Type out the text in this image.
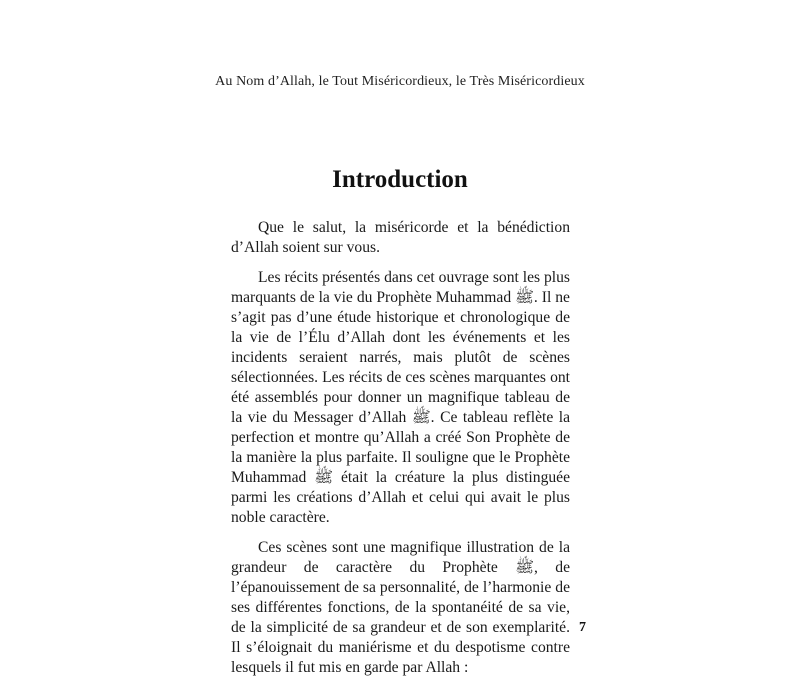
Au Nom d’Allah, le Tout Miséricordieux, le Très Miséricordieux
Introduction

Que le salut, la miséricorde et la bénédiction d’Allah soient sur vous.

Les récits présentés dans cet ouvrage sont les plus marquants de la vie du Prophète Muhammad ﷺ. Il ne s’agit pas d’une étude historique et chronologique de la vie de l’Élu d’Allah dont les événements et les incidents seraient narrés, mais plutôt de scènes sélectionnées. Les récits de ces scènes marquantes ont été assemblés pour donner un magnifique tableau de la vie du Messager d’Allah ﷺ. Ce tableau reflète la perfection et montre qu’Allah a créé Son Prophète de la manière la plus parfaite. Il souligne que le Prophète Muhammad ﷺ était la créature la plus distinguée parmi les créations d’Allah et celui qui avait le plus noble caractère.

Ces scènes sont une magnifique illustration de la grandeur de caractère du Prophète ﷺ, de l’épanouissement de sa personnalité, de l’harmonie de ses différentes fonctions, de la spontanéité de sa vie, de la simplicité de sa grandeur et de son exemplarité. Il s’éloignait du maniérisme et du despotisme contre lesquels il fut mis en garde par Allah :

7
